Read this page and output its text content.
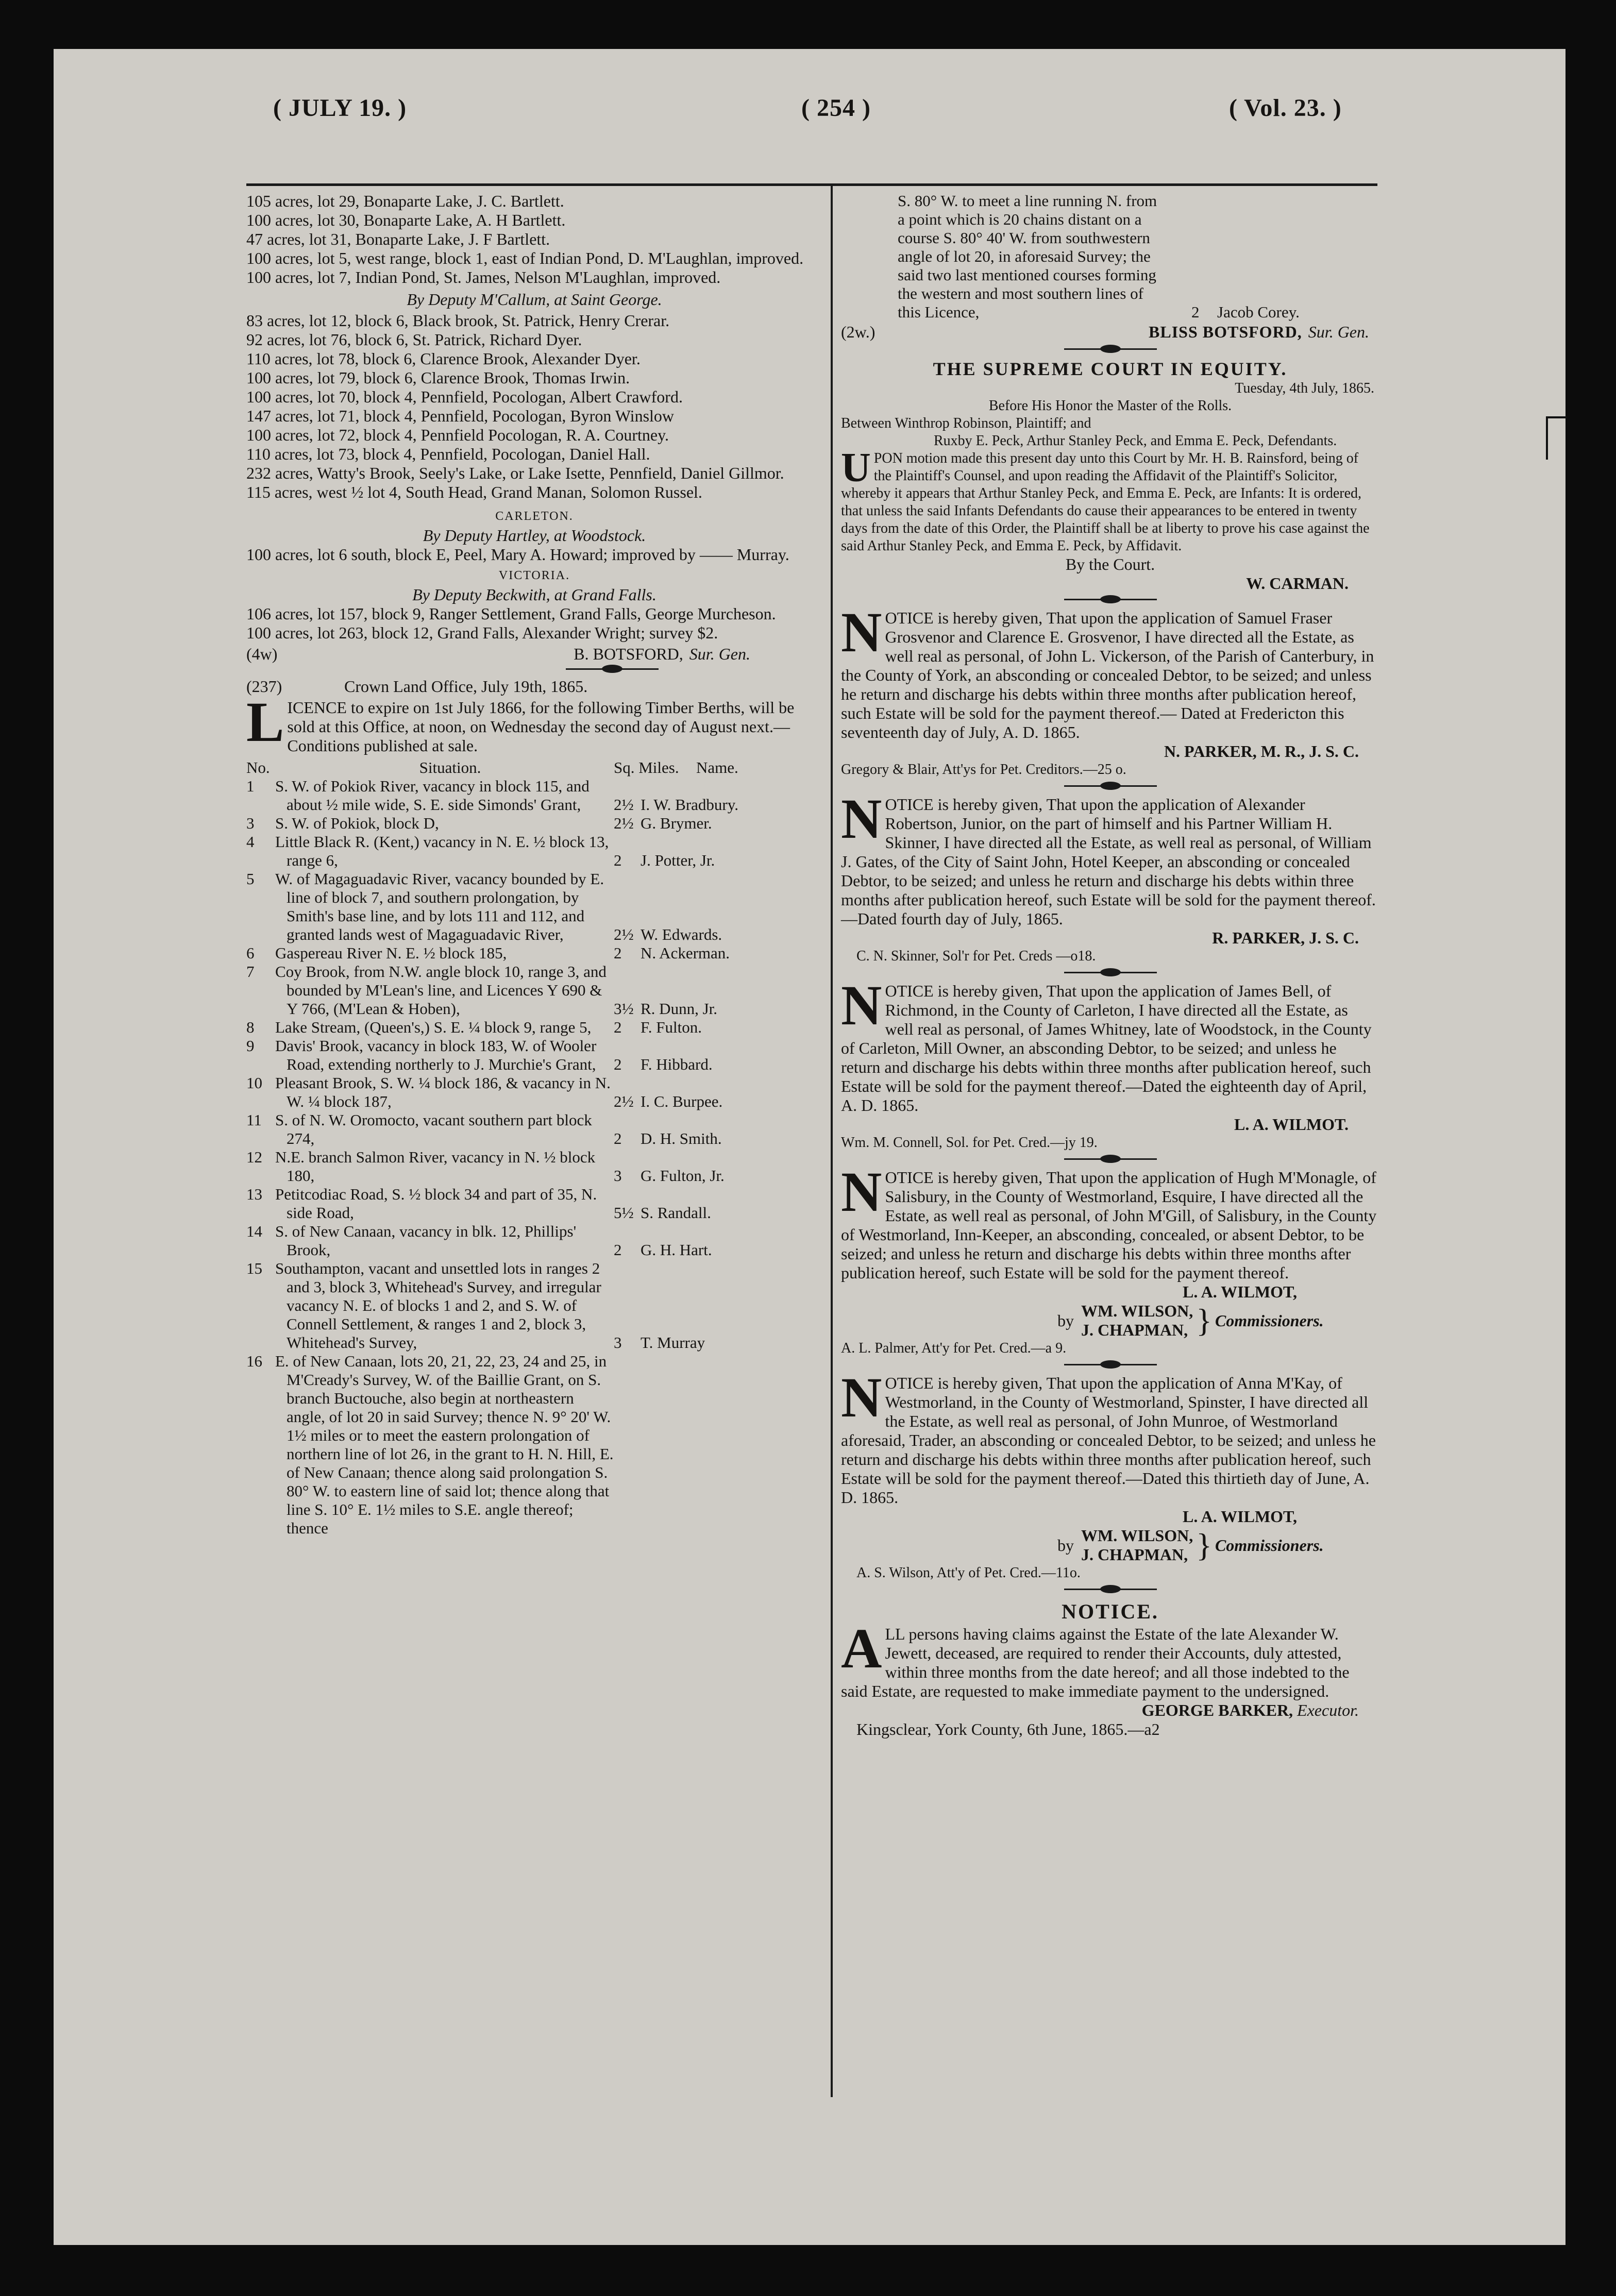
( JULY 19. )	( 254 )	( Vol. 23. )
105 acres, lot 29, Bonaparte Lake, J. C. Bartlett.
100 acres, lot 30, Bonaparte Lake, A. H Bartlett.
47 acres, lot 31, Bonaparte Lake, J. F Bartlett.
100 acres, lot 5, west range, block 1, east of Indian Pond, D. M'Laughlan, improved.
100 acres, lot 7, Indian Pond, St. James, Nelson M'Laughlan, improved.
By Deputy M'Callum, at Saint George.
83 acres, lot 12, block 6, Black brook, St. Patrick, Henry Crerar.
92 acres, lot 76, block 6, St. Patrick, Richard Dyer.
110 acres, lot 78, block 6, Clarence Brook, Alexander Dyer.
100 acres, lot 79, block 6, Clarence Brook, Thomas Irwin.
100 acres, lot 70, block 4, Pennfield, Pocologan, Albert Crawford.
147 acres, lot 71, block 4, Pennfield, Pocologan, Byron Winslow
100 acres, lot 72, block 4, Pennfield Pocologan, R. A. Courtney.
110 acres, lot 73, block 4, Pennfield, Pocologan, Daniel Hall.
232 acres, Watty's Brook, Seely's Lake, or Lake Isette, Pennfield, Daniel Gillmor.
115 acres, west ½ lot 4, South Head, Grand Manan, Solomon Russel.
CARLETON.
By Deputy Hartley, at Woodstock.
100 acres, lot 6 south, block E, Peel, Mary A. Howard; improved by —— Murray.
VICTORIA.
By Deputy Beckwith, at Grand Falls.
106 acres, lot 157, block 9, Ranger Settlement, Grand Falls, George Murcheson.
100 acres, lot 263, block 12, Grand Falls, Alexander Wright; survey $2.
(4w)	B. BOTSFORD, Sur. Gen.
(237)	Crown Land Office, July 19th, 1865.
LICENCE to expire on 1st July 1866, for the following Timber Berths, will be sold at this Office, at noon, on Wednesday the second day of August next.—Conditions published at sale.
No.	Situation.	Sq. Miles.	Name.
1	S. W. of Pokiok River, vacancy in block 115, and about ½ mile wide, S. E. side Simonds' Grant,	2½ I. W. Bradbury.
3	S. W. of Pokiok, block D,	2½ G. Brymer.
4	Little Black R. (Kent,) vacancy in N. E. ½ block 13, range 6,	2	J. Potter, Jr.
5	W. of Magaguadavic River, vacancy bounded by E. line of block 7, and southern prolongation, by Smith's base line, and by lots 111 and 112, and granted lands west of Magaguadavic River,	2½ W. Edwards.
6	Gaspereau River N. E. ½ block 185,	2	N. Ackerman.
7	Coy Brook, from N.W. angle block 10, range 3, and bounded by M'Lean's line, and Licences Y 690 & Y 766, (M'Lean & Hoben),	3½ R. Dunn, Jr.
8	Lake Stream, (Queen's,) S. E. ¼ block 9, range 5,	2	F. Fulton.
9	Davis' Brook, vacancy in block 183, W. of Wooler Road, extending northerly to J. Murchie's Grant,	2	F. Hibbard.
10 Pleasant Brook, S. W. ¼ block 186, & vacancy in N. W. ¼ block 187,	2½ I. C. Burpee.
11 S. of N. W. Oromocto, vacant southern part block 274,	2	D. H. Smith.
12 N.E. branch Salmon River, vacancy in N. ½ block 180,	3	G. Fulton, Jr.
13 Petitcodiac Road, S. ½ block 34 and part of 35, N. side Road,	5½ S. Randall.
14 S. of New Canaan, vacancy in blk. 12, Phillips' Brook,	2	G. H. Hart.
15 Southampton, vacant and unsettled lots in ranges 2 and 3, block 3, Whitehead's Survey, and irregular vacancy N. E. of blocks 1 and 2, and S. W. of Connell Settlement, & ranges 1 and 2, block 3, Whitehead's Survey,	3	T. Murray
16 E. of New Canaan, lots 20, 21, 22, 23, 24 and 25, in M'Cready's Survey, W. of the Baillie Grant, on S. branch Buctouche, also begin at northeastern angle, of lot 20 in said Survey; thence N. 9° 20' W. 1½ miles or to meet the eastern prolongation of northern line of lot 26, in the grant to H. N. Hill, E. of New Canaan; thence along said prolongation S. 80° W. to eastern line of said lot; thence along that line S. 10° E. 1½ miles to S.E. angle thereof; thence
S. 80° W. to meet a line running N. from a point which is 20 chains distant on a course S. 80° 40' W. from southwestern angle of lot 20, in aforesaid Survey; the said two last mentioned courses forming the western and most southern lines of this Licence,	2	Jacob Corey.
(2w.)	BLISS BOTSFORD, Sur. Gen.
THE SUPREME COURT IN EQUITY.
Tuesday, 4th July, 1865.
Before His Honor the Master of the Rolls.
Between Winthrop Robinson, Plaintiff; and
Ruxby E. Peck, Arthur Stanley Peck, and Emma E. Peck, Defendants.
UPON motion made this present day unto this Court by Mr. H. B. Rainsford, being of the Plaintiff's Counsel, and upon reading the Affidavit of the Plaintiff's Solicitor, whereby it appears that Arthur Stanley Peck, and Emma E. Peck, are Infants: It is ordered, that unless the said Infants Defendants do cause their appearances to be entered in twenty days from the date of this Order, the Plaintiff shall be at liberty to prove his case against the said Arthur Stanley Peck, and Emma E. Peck, by Affidavit.
By the Court.
W. CARMAN.
NOTICE is hereby given, That upon the application of Samuel Fraser Grosvenor and Clarence E. Grosvenor, I have directed all the Estate, as well real as personal, of John L. Vickerson, of the Parish of Canterbury, in the County of York, an absconding or concealed Debtor, to be seized; and unless he return and discharge his debts within three months after publication hereof, such Estate will be sold for the payment thereof.— Dated at Fredericton this seventeenth day of July, A. D. 1865.
N. PARKER, M. R., J. S. C.
Gregory & Blair, Att'ys for Pet. Creditors.—25 o.
NOTICE is hereby given, That upon the application of Alexander Robertson, Junior, on the part of himself and his Partner William H. Skinner, I have directed all the Estate, as well real as personal, of William J. Gates, of the City of Saint John, Hotel Keeper, an absconding or concealed Debtor, to be seized; and unless he return and discharge his debts within three months after publication hereof, such Estate will be sold for the payment thereof. —Dated fourth day of July, 1865.
R. PARKER, J. S. C.
C. N. Skinner, Sol'r for Pet. Creds —o18.
NOTICE is hereby given, That upon the application of James Bell, of Richmond, in the County of Carleton, I have directed all the Estate, as well real as personal, of James Whitney, late of Woodstock, in the County of Carleton, Mill Owner, an absconding Debtor, to be seized; and unless he return and discharge his debts within three months after publication hereof, such Estate will be sold for the payment thereof.—Dated the eighteenth day of April, A. D. 1865.
L. A. WILMOT.
Wm. M. Connell, Sol. for Pet. Cred.—jy 19.
NOTICE is hereby given, That upon the application of Hugh M'Monagle, of Salisbury, in the County of Westmorland, Esquire, I have directed all the Estate, as well real as personal, of John M'Gill, of Salisbury, in the County of Westmorland, Inn-Keeper, an absconding, concealed, or absent Debtor, to be seized; and unless he return and discharge his debts within three months after publication hereof, such Estate will be sold for the payment thereof.
L. A. WILMOT,
by
WM. WILSON,
J. CHAPMAN, } Commissioners.
A. L. Palmer, Att'y for Pet. Cred.—a 9.
NOTICE is hereby given, That upon the application of Anna M'Kay, of Westmorland, in the County of Westmorland, Spinster, I have directed all the Estate, as well real as personal, of John Munroe, of Westmorland aforesaid, Trader, an absconding or concealed Debtor, to be seized; and unless he return and discharge his debts within three months after publication hereof, such Estate will be sold for the payment thereof.—Dated this thirtieth day of June, A. D. 1865.
L. A. WILMOT,
by
WM. WILSON,
J. CHAPMAN, } Commissioners.
A. S. Wilson, Att'y of Pet. Cred.—11o.
NOTICE.
ALL persons having claims against the Estate of the late Alexander W. Jewett, deceased, are required to render their Accounts, duly attested, within three months from the date hereof; and all those indebted to the said Estate, are requested to make immediate payment to the undersigned.
GEORGE BARKER, Executor.
Kingsclear, York County, 6th June, 1865.—a2
